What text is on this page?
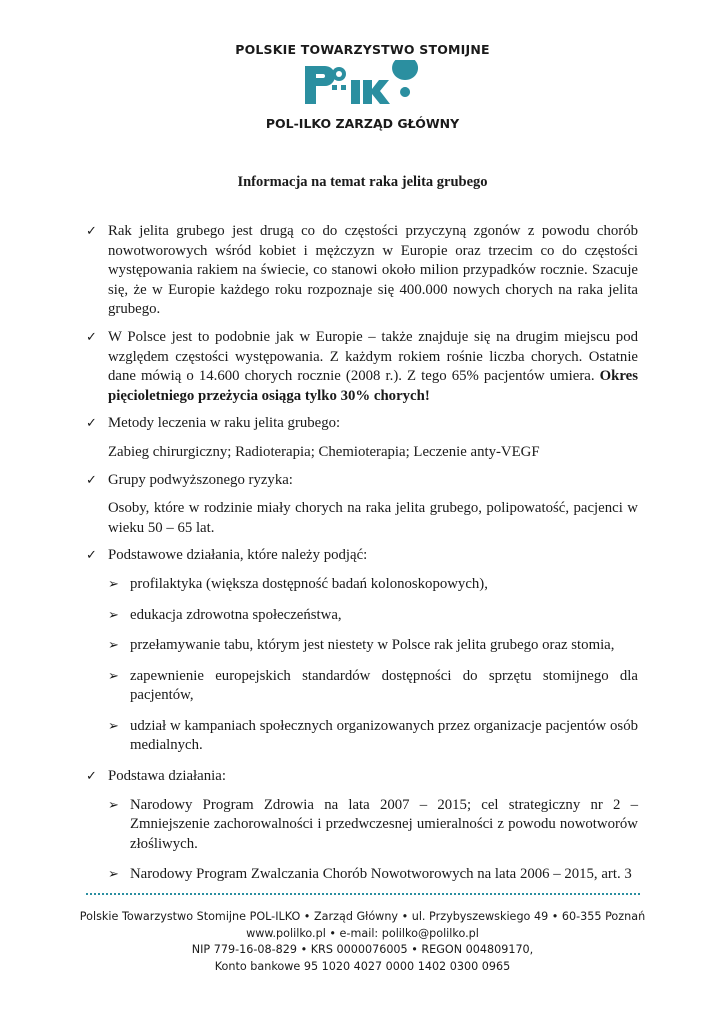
POLSKIE TOWARZYSTWO STOMIJNE
POL-ILKO ZARZĄD GŁÓWNY
Informacja na temat raka jelita grubego
✓ Rak jelita grubego jest drugą co do częstości przyczyną zgonów z powodu chorób nowotworowych wśród kobiet i mężczyzn w Europie oraz trzecim co do częstości występowania rakiem na świecie, co stanowi około milion przypadków rocznie. Szacuje się, że w Europie każdego roku rozpoznaje się 400.000 nowych chorych na raka jelita grubego.

✓ W Polsce jest to podobnie jak w Europie – także znajduje się na drugim miejscu pod względem częstości występowania. Z każdym rokiem rośnie liczba chorych. Ostatnie dane mówią o 14.600 chorych rocznie (2008 r.). Z tego 65% pacjentów umiera. Okres pięcioletniego przeżycia osiąga tylko 30% chorych!

✓ Metody leczenia w raku jelita grubego:

Zabieg chirurgiczny; Radioterapia; Chemioterapia; Leczenie anty-VEGF

✓ Grupy podwyższonego ryzyka:

Osoby, które w rodzinie miały chorych na raka jelita grubego, polipowatość, pacjenci w wieku 50 – 65 lat.

✓ Podstawowe działania, które należy podjąć:

➢ profilaktyka (większa dostępność badań kolonoskopowych),
➢ edukacja zdrowotna społeczeństwa,
➢ przełamywanie tabu, którym jest niestety w Polsce rak jelita grubego oraz stomia,
➢ zapewnienie europejskich standardów dostępności do sprzętu stomijnego dla pacjentów,
➢ udział w kampaniach społecznych organizowanych przez organizacje pacjentów osób medialnych.
✓ Podstawa działania:

➢ Narodowy Program Zdrowia na lata 2007 – 2015; cel strategiczny nr 2 – Zmniejszenie zachorowalności i przedwczesnej umieralności z powodu nowotworów złośliwych.
➢ Narodowy Program Zwalczania Chorób Nowotworowych na lata 2006 – 2015, art. 3
Polskie Towarzystwo Stomijne POL-ILKO • Zarząd Główny • ul. Przybyszewskiego 49 • 60-355 Poznań
www.polilko.pl • e-mail: polilko@polilko.pl
NIP 779-16-08-829 • KRS 0000076005 • REGON 004809170,
Konto bankowe 95 1020 4027 0000 1402 0300 0965
